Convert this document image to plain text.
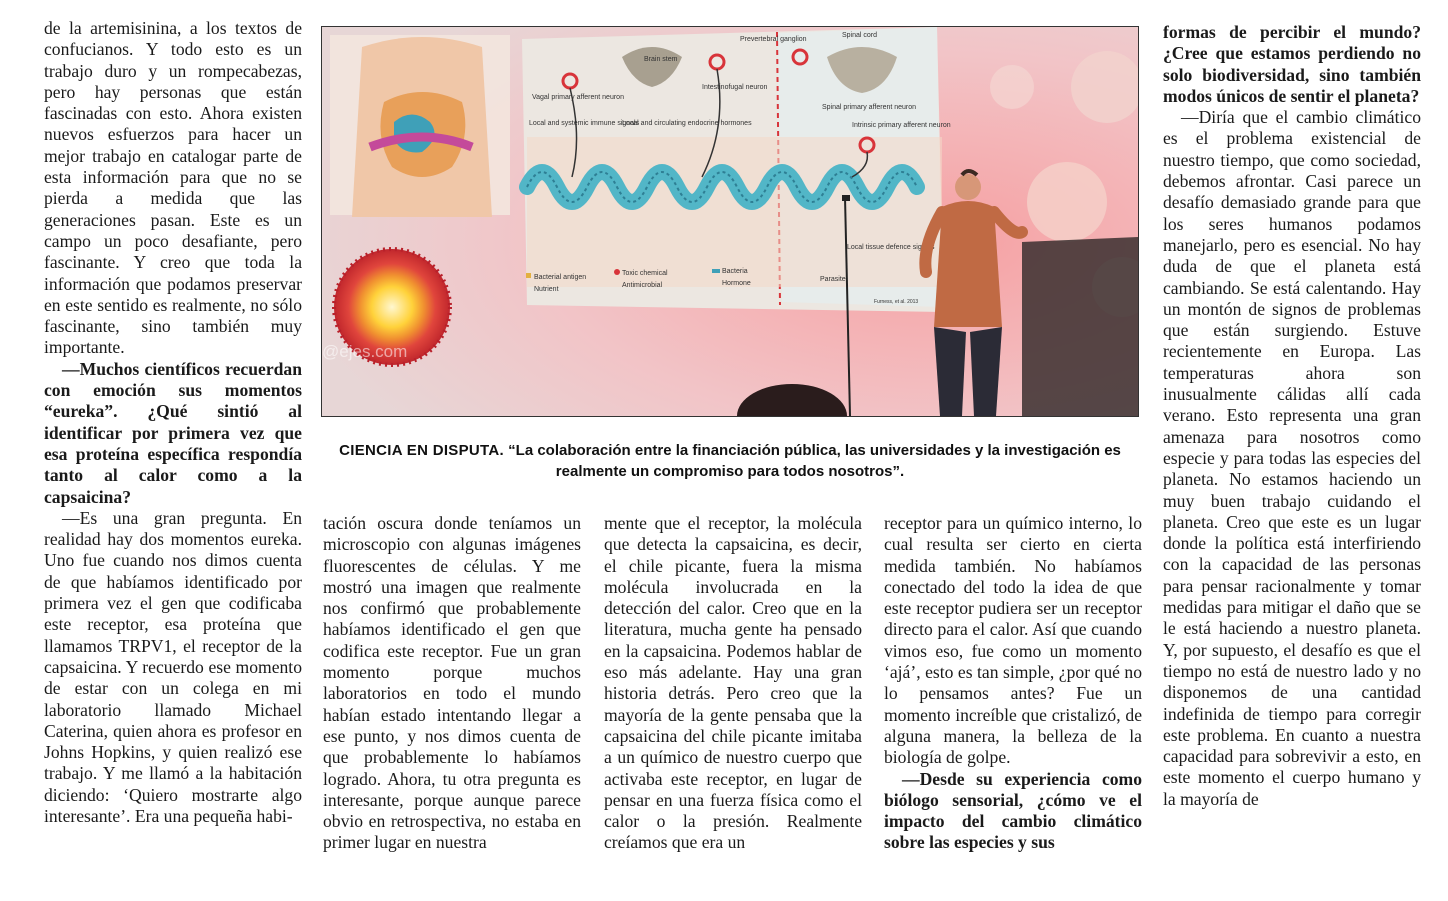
de la artemisinina, a los textos de confucianos. Y todo esto es un trabajo duro y un rompecabezas, pero hay personas que están fascinadas con esto. Ahora existen nuevos esfuerzos para hacer un mejor trabajo en catalogar parte de esta información para que no se pierda a medida que las generaciones pasan. Este es un campo un poco desafiante, pero fascinante. Y creo que toda la información que podamos preservar en este sentido es realmente, no sólo fascinante, sino también muy importante.

—Muchos científicos recuerdan con emoción sus momentos “eureka”. ¿Qué sintió al identificar por primera vez que esa proteína específica respondía tanto al calor como a la capsaicina?

—Es una gran pregunta. En realidad hay dos momentos eureka. Uno fue cuando nos dimos cuenta de que habíamos identificado por primera vez el gen que codificaba este receptor, esa proteína que llamamos TRPV1, el receptor de la capsaicina. Y recuerdo ese momento de estar con un colega en mi laboratorio llamado Michael Caterina, quien ahora es profesor en Johns Hopkins, y quien realizó ese trabajo. Y me llamó a la habitación diciendo: ‘Quiero mostrarte algo interesante’. Era una pequeña habi-

Brain stem
Prevertebral ganglion
Spinal cord
Vagal primary afferent neuron
Intestinofugal neuron
Spinal primary afferent neuron
Local and systemic immune signals
Local and circulating endocrine hormones	Intrinsic primary afferent neuron
Local tissue defence signals
Bacterial antigen
Toxic chemical	Bacteria
Nutrient
Antimicrobial	Hormone
Parasite
Furness, et al. 2013
@ejes.com
CIENCIA EN DISPUTA. “La colaboración entre la financiación pública, las universidades y la investigación es realmente un compromiso para todos nosotros”.

tación oscura donde teníamos un microscopio con algunas imágenes fluorescentes de células. Y me mostró una imagen que realmente nos confirmó que probablemente habíamos identificado el gen que codifica este receptor. Fue un gran momento porque muchos laboratorios en todo el mundo habían estado intentando llegar a ese punto, y nos dimos cuenta de que probablemente lo habíamos logrado. Ahora, tu otra pregunta es interesante, porque aunque parece obvio en retrospectiva, no estaba en primer lugar en nuestra

mente que el receptor, la molécula que detecta la capsaicina, es decir, el chile picante, fuera la misma molécula involucrada en la detección del calor. Creo que en la literatura, mucha gente ha pensado en la capsaicina. Podemos hablar de eso más adelante. Hay una gran historia detrás. Pero creo que la mayoría de la gente pensaba que la capsaicina del chile picante imitaba a un químico de nuestro cuerpo que activaba este receptor, en lugar de pensar en una fuerza física como el calor o la presión. Realmente creíamos que era un

receptor para un químico interno, lo cual resulta ser cierto en cierta medida también. No habíamos conectado del todo la idea de que este receptor pudiera ser un receptor directo para el calor. Así que cuando vimos eso, fue como un momento ‘ajá’, esto es tan simple, ¿por qué no lo pensamos antes? Fue un momento increíble que cristalizó, de alguna manera, la belleza de la biología de golpe.

—Desde su experiencia como biólogo sensorial, ¿cómo ve el impacto del cambio climático sobre las especies y sus

formas de percibir el mundo? ¿Cree que estamos perdiendo no solo biodiversidad, sino también modos únicos de sentir el planeta?

—Diría que el cambio climático es el problema existencial de nuestro tiempo, que como sociedad, debemos afrontar. Casi parece un desafío demasiado grande para que los seres humanos podamos manejarlo, pero es esencial. No hay duda de que el planeta está cambiando. Se está calentando. Hay un montón de signos de problemas que están surgiendo. Estuve recientemente en Europa. Las temperaturas ahora son inusualmente cálidas allí cada verano. Esto representa una gran amenaza para nosotros como especie y para todas las especies del planeta. No estamos haciendo un muy buen trabajo cuidando el planeta. Creo que este es un lugar donde la política está interfiriendo con la capacidad de las personas para pensar racionalmente y tomar medidas para mitigar el daño que se le está haciendo a nuestro planeta. Y, por supuesto, el desafío es que el tiempo no está de nuestro lado y no disponemos de una cantidad indefinida de tiempo para corregir este problema. En cuanto a nuestra capacidad para sobrevivir a esto, en este momento el cuerpo humano y la mayoría de
